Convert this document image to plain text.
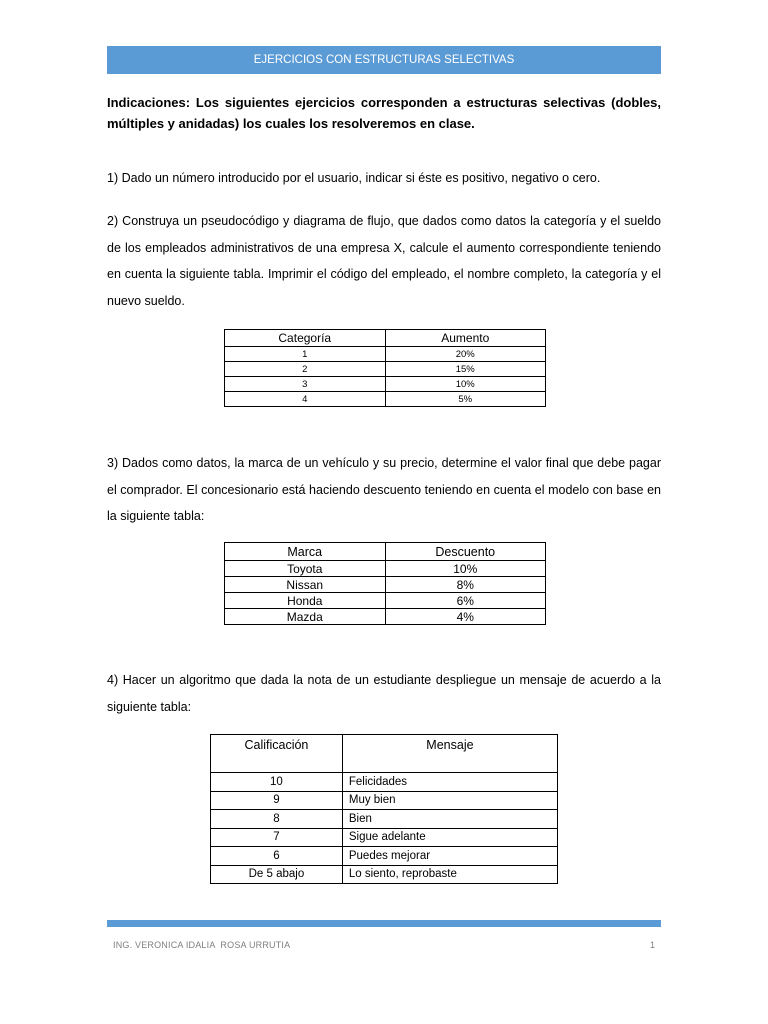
EJERCICIOS CON ESTRUCTURAS SELECTIVAS
Indicaciones: Los siguientes ejercicios corresponden a estructuras selectivas (dobles, múltiples y anidadas) los cuales los resolveremos en clase.
1) Dado un número introducido por el usuario, indicar si éste es positivo, negativo o cero.
2) Construya un pseudocódigo y diagrama de flujo, que dados como datos la categoría y el sueldo de los empleados administrativos de una empresa X, calcule el aumento correspondiente teniendo en cuenta la siguiente tabla. Imprimir el código del empleado, el nombre completo, la categoría y el nuevo sueldo.
Categoría	Aumento
1	20%
2	15%
3	10%
4	5%
3) Dados como datos, la marca de un vehículo y su precio, determine el valor final que debe pagar el comprador. El concesionario está haciendo descuento teniendo en cuenta el modelo con base en la siguiente tabla:
Marca	Descuento
Toyota	10%
Nissan	8%
Honda	6%
Mazda	4%
4) Hacer un algoritmo que dada la nota de un estudiante despliegue un mensaje de acuerdo a la siguiente tabla:
Calificación	Mensaje
10	Felicidades
9	Muy bien
8	Bien
7	Sigue adelante
6	Puedes mejorar
De 5 abajo	Lo siento, reprobaste
ING. VERONICA IDALIA  ROSA URRUTIA	1
